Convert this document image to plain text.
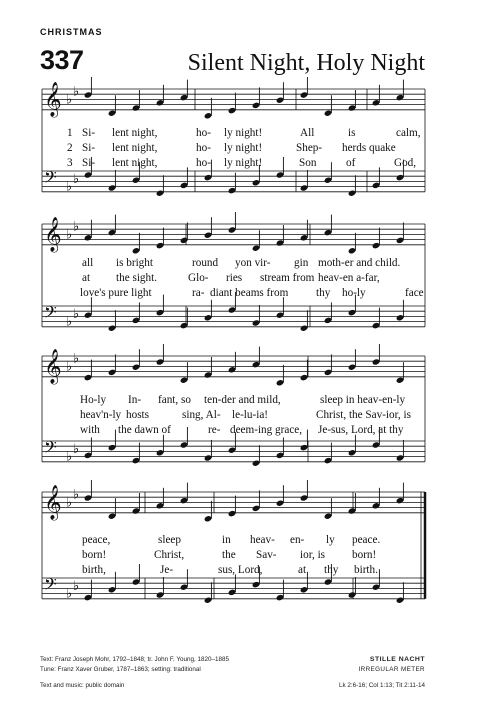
CHRISTMAS
337	Silent Night, Holy Night
𝄞 ♭
♭
𝄢 ♭
♭
𝄞 ♭
♭
𝄢 ♭
♭
𝄞 ♭
♭
𝄢 ♭
♭
𝄞 ♭
♭
𝄢 ♭
♭
1 Si- lent night,	ho- ly night!	All	is	calm,
2 Si- lent night,	ho- ly night!	Shep- herds quake
3 Si- lent night,	ho- ly night!	Son	of	God,
all is bright	round yon vir- gin moth-er and child.
at the sight.	Glo- ries stream from heav-en a-far,
love's pure light	ra- diant beams from thy ho-ly	face
Ho-ly In- fant, so ten-der and mild,	sleep in heav-en-ly
heav'n-ly hosts	sing, Al- le-lu-ia!	Christ, the Sav-ior, is
with the dawn of	re- deem-ing grace, Je-sus, Lord, at thy
peace,	sleep	in heav- en- ly peace.
born!	Christ,	the Sav- ior, is born!
birth,	Je-	sus, Lord,	at thy birth.
Text: Franz Joseph Mohr, 1792–1848; tr. John F. Young, 1820–1885
Tune: Franz Xaver Gruber, 1787–1863; setting: traditional
Text and music: public domain
STILLE NACHT
IRREGULAR METER
Lk 2:6-16; Col 1:13; Tit 2:11-14
